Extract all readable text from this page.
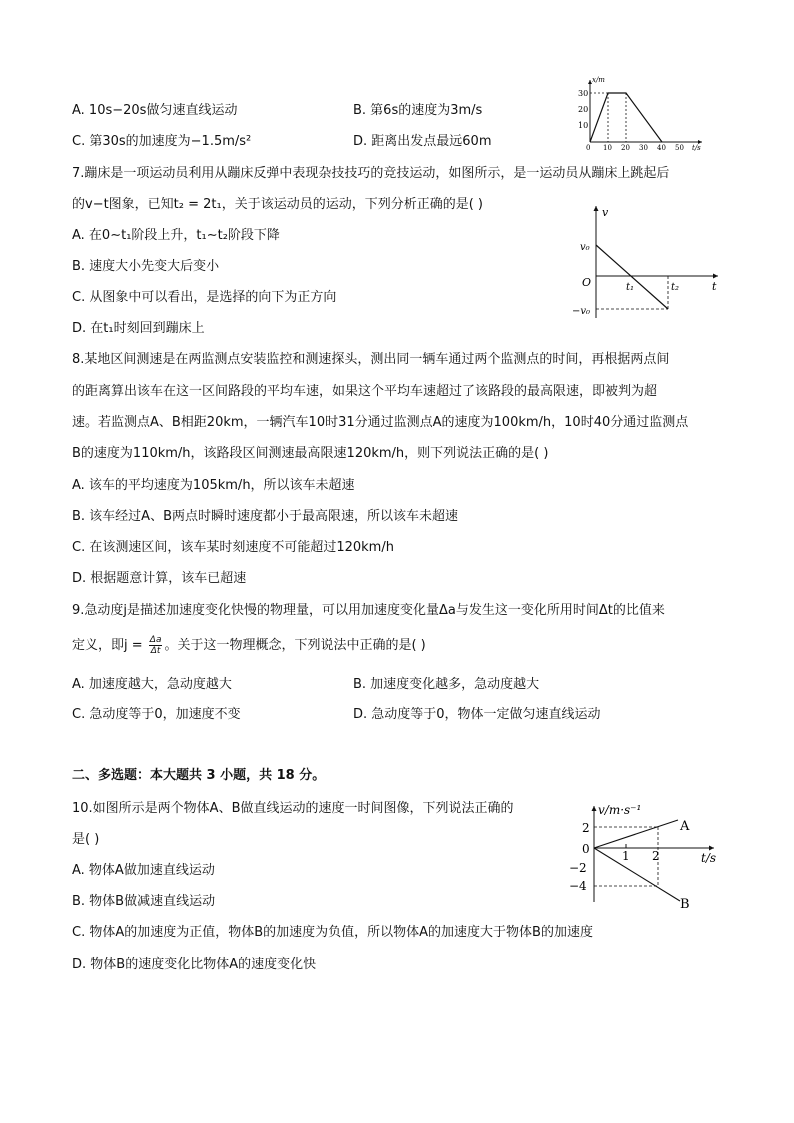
A. 10s−20s做匀速直线运动	B. 第6s的速度为3m/s
C. 第30s的加速度为−1.5m/s²	D. 距离出发点最远60m
x/m
t/s
30
20
10
0 10 20 30 40 50
7.蹦床是一项运动员利用从蹦床反弹中表现杂技技巧的竞技运动，如图所示，是一运动员从蹦床上跳起后
的v−t图象，已知t₂ = 2t₁，关于该运动员的运动，下列分析正确的是( )
A. 在0∼t₁阶段上升，t₁∼t₂阶段下降
B. 速度大小先变大后变小
C. 从图象中可以看出，是选择的向下为正方向
D. 在t₁时刻回到蹦床上
v
t
O
v₀
−v₀
t₁	t₂
8.某地区间测速是在两监测点安装监控和测速探头，测出同一辆车通过两个监测点的时间，再根据两点间
的距离算出该车在这一区间路段的平均车速，如果这个平均车速超过了该路段的最高限速，即被判为超
速。若监测点A、B相距20km，一辆汽车10时31分通过监测点A的速度为100km/h，10时40分通过监测点
B的速度为110km/h，该路段区间测速最高限速120km/h，则下列说法正确的是( )
A. 该车的平均速度为105km/h，所以该车未超速
B. 该车经过A、B两点时瞬时速度都小于最高限速，所以该车未超速
C. 在该测速区间，该车某时刻速度不可能超过120km/h
D. 根据题意计算，该车已超速
9.急动度j是描述加速度变化快慢的物理量，可以用加速度变化量Δa与发生这一变化所用时间Δt的比值来
定义，即$j = \frac{\Delta a}{\Delta t}$ 。关于这一物理概念，下列说法中正确的是( )
A. 加速度越大，急动度越大	B. 加速度变化越多，急动度越大
C. 急动度等于0，加速度不变	D. 急动度等于0，物体一定做匀速直线运动
二、多选题：本大题共 3 小题，共 18 分。
10.如图所示是两个物体A、B做直线运动的速度一时间图像，下列说法正确的
是( )
A. 物体A做加速直线运动
B. 物体B做减速直线运动
C. 物体A的加速度为正值，物体B的加速度为负值，所以物体A的加速度大于物体B的加速度
D. 物体B的速度变化比物体A的速度变化快
v/m·s⁻¹
t/s
2
0
−2
−4
1 2
A
B
